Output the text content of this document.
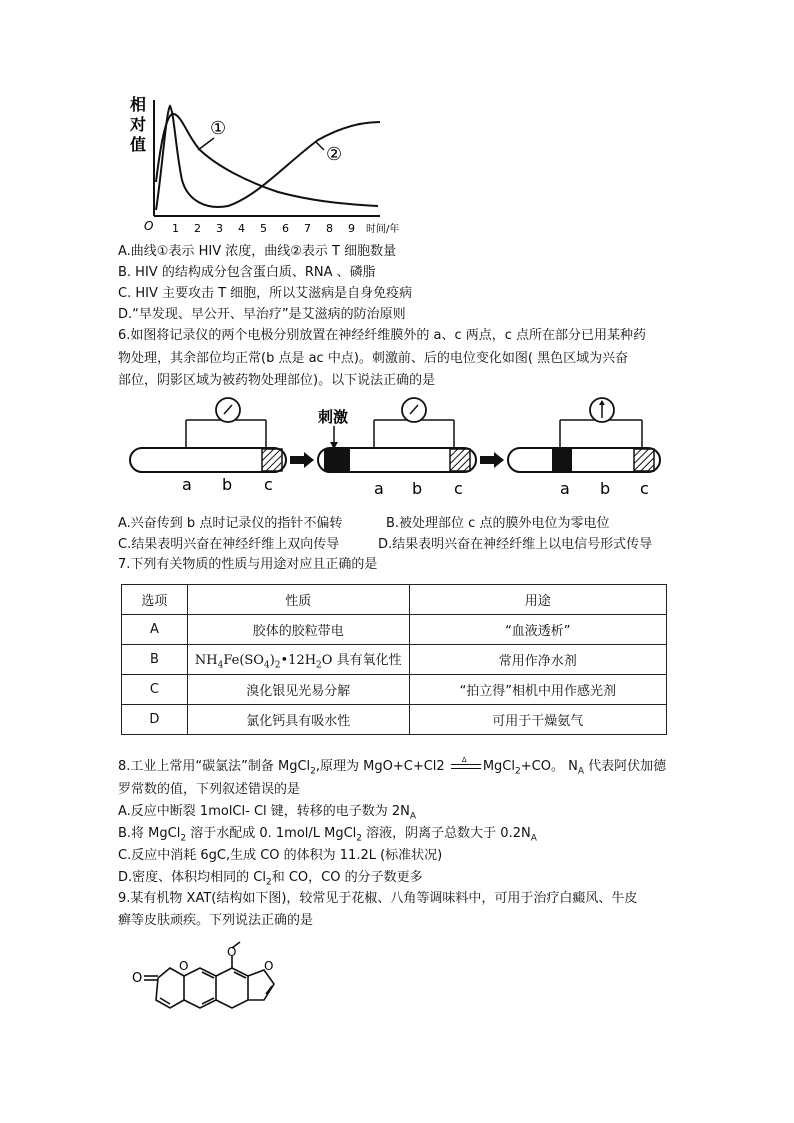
相
对
值
O 1 2 3 4 5 6 7 8 9 时间/年
①
②
A.曲线①表示 HIV 浓度，曲线②表示 T 细胞数量
B. HIV 的结构成分包含蛋白质、RNA 、磷脂
C. HIV 主要攻击 T 细胞，所以艾滋病是自身免疫病
D.“早发现、早公开、早治疗”是艾滋病的防治原则
6.如图将记录仪的两个电极分别放置在神经纤维膜外的 a、c 两点，c 点所在部分已用某种药
物处理，其余部位均正常(b 点是 ac 中点)。刺激前、后的电位变化如图( 黑色区域为兴奋
部位，阴影区域为被药物处理部位)。以下说法正确的是
a b c
刺激
a b c	a b c
A.兴奋传到 b 点时记录仪的指针不偏转	B.被处理部位 c 点的膜外电位为零电位
C.结果表明兴奋在神经纤维上双向传导	D.结果表明兴奋在神经纤维上以电信号形式传导
7.下列有关物质的性质与用途对应且正确的是
选项	性质	用途
A	胶体的胶粒带电	“血液透析”
B	$NH_4Fe(SO_4)_2•12H_2O$ 具有氧化性	常用作净水剂
C	溴化银见光易分解	“拍立得”相机中用作感光剂
D	氯化钙具有吸水性	可用于干燥氨气
8.工业上常用“碳氯法”制备 MgCl$_2$,原理为 MgO+C+Cl2 Δ MgCl$_2$+CO。 $N_A$ 代表阿伏加德
罗常数的值，下列叙述错误的是
A.反应中断裂 1molCl- Cl 键，转移的电子数为 $2N_A$
B.将 MgCl$_2$ 溶于水配成 0. 1mol/L MgCl$_2$ 溶液，阴离子总数大于 $0.2N_A$
C.反应中消耗 6gC,生成 CO 的体积为 11.2L (标准状况)
D.密度、体积均相同的 $Cl_2$和 CO，CO 的分子数更多
9.某有机物 XAT(结构如下图)，较常见于花椒、八角等调味料中，可用于治疗白癜风、牛皮
癣等皮肤顽疾。下列说法正确的是
O
O
O
O
